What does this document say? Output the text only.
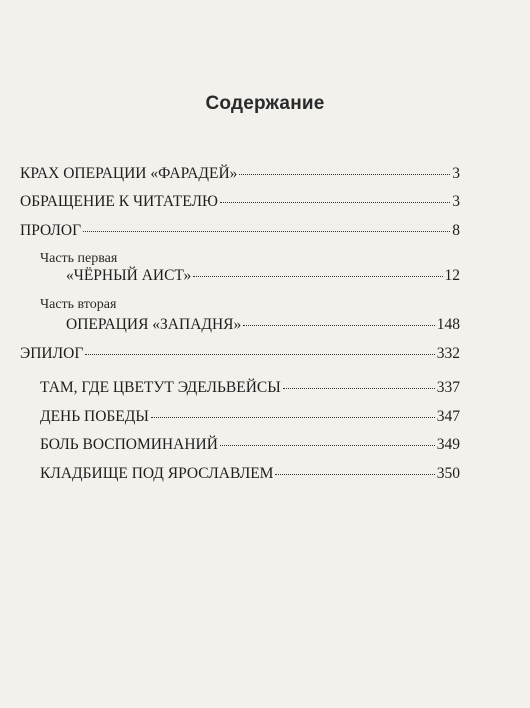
Содержание
КРАХ ОПЕРАЦИИ «ФАРАДЕЙ»	3
ОБРАЩЕНИЕ К ЧИТАТЕЛЮ	3
ПРОЛОГ	8
Часть первая
«ЧЁРНЫЙ АИСТ»	12
Часть вторая
ОПЕРАЦИЯ «ЗАПАДНЯ»	148
ЭПИЛОГ	332
ТАМ, ГДЕ ЦВЕТУТ ЭДЕЛЬВЕЙСЫ	337
ДЕНЬ ПОБЕДЫ	347
БОЛЬ ВОСПОМИНАНИЙ	349
КЛАДБИЩЕ ПОД ЯРОСЛАВЛЕМ	350
